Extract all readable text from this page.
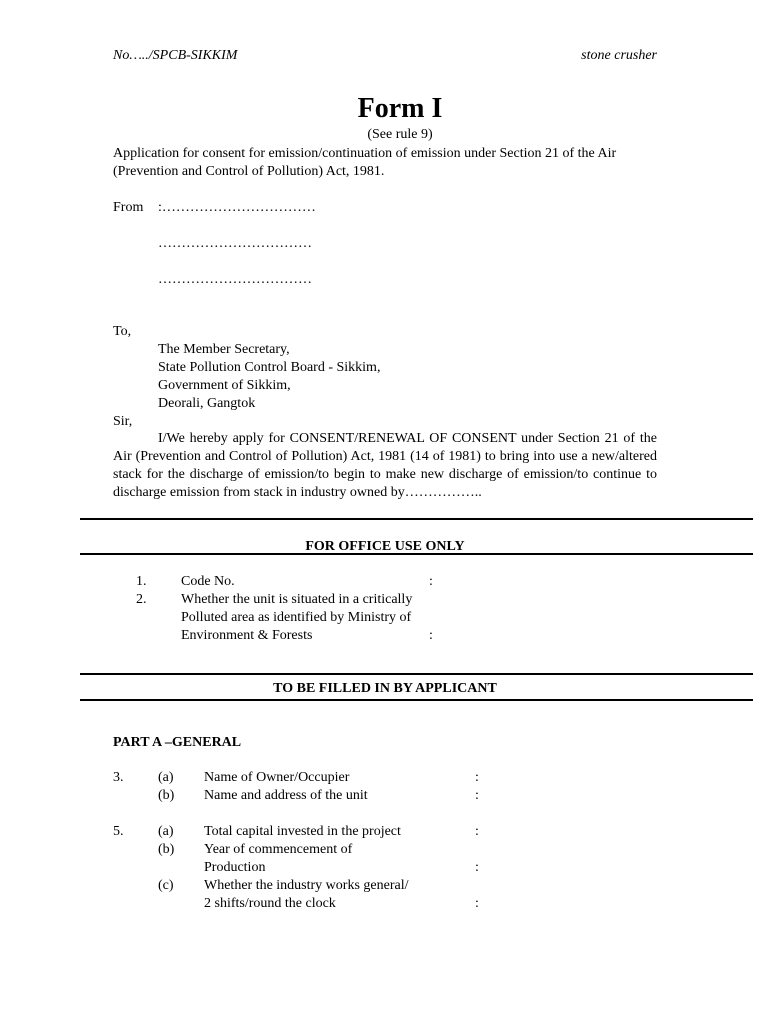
No…../SPCB-SIKKIM	stone crusher
Form I
(See rule 9)
Application for consent for emission/continuation of emission under Section 21 of the Air (Prevention and Control of Pollution) Act, 1981.
From :……………………………
……………………………
……………………………
To,
The Member Secretary,
State Pollution Control Board - Sikkim,
Government of Sikkim,
Deorali, Gangtok
Sir,
I/We hereby apply for CONSENT/RENEWAL OF CONSENT under Section 21 of the Air (Prevention and Control of Pollution) Act, 1981 (14 of 1981) to bring into use a new/altered stack for the discharge of emission/to begin to make new discharge of emission/to continue to discharge emission from stack in industry owned by……………..
FOR OFFICE USE ONLY
1. Code No.	:
2. Whether the unit is situated in a critically
Polluted area as identified by Ministry of
Environment & Forests	:
TO BE FILLED IN BY APPLICANT
PART A –GENERAL
3. (a) Name of Owner/Occupier	:
(b) Name and address of the unit	:
5. (a) Total capital invested in the project	:
(b) Year of commencement of
Production	:
(c) Whether the industry works general/
2 shifts/round the clock	:
